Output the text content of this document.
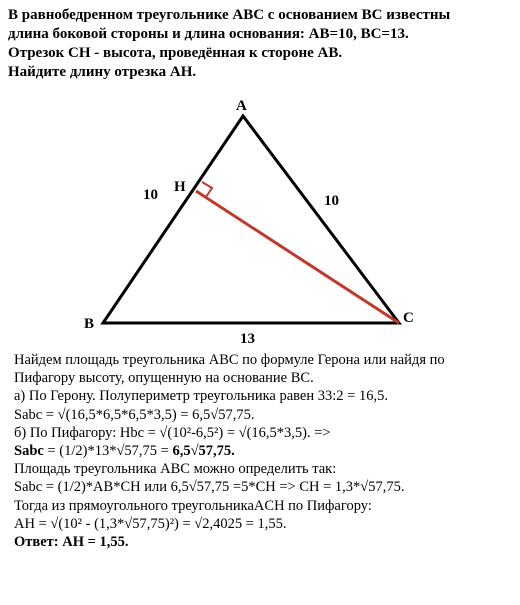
В равнобедренном треугольнике ABC с основанием ВС известны
длина боковой стороны и длина основания: AB=10, BC=13.
Отрезок CH - высота, проведённая к стороне AB.
Найдите длину отрезка AH.
A
B	C
H
10	10
13
Найдем площадь треугольника АВС по формуле Герона или найдя по
Пифагору высоту, опущенную на основание ВС.
а) По Герону. Полупериметр треугольника равен 33:2 = 16,5.
Sabc = √(16,5*6,5*6,5*3,5) = 6,5√57,75.
б) По Пифагору: Hbc = √(10²-6,5²) = √(16,5*3,5). =>
Sabc = (1/2)*13*√57,75 = 6,5√57,75.
Площадь треугольника АВС можно определить так:
Sabc = (1/2)*AB*CH или 6,5√57,75 =5*CH => CH = 1,3*√57,75.
Тогда из прямоугольного треугольникаACH по Пифагору:
AH = √(10² - (1,3*√57,75)²) = √2,4025 = 1,55.
Ответ: АН = 1,55.
